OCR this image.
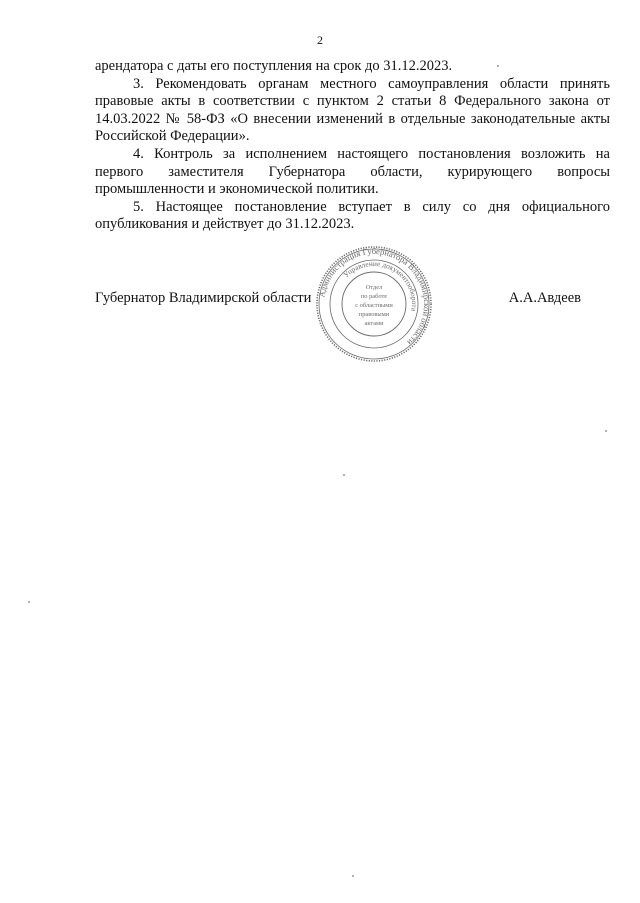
2

арендатора с даты его поступления на срок до 31.12.2023.

3. Рекомендовать органам местного самоуправления области принять правовые акты в соответствии с пунктом 2 статьи 8 Федерального закона от 14.03.2022 № 58-ФЗ «О внесении изменений в отдельные законодательные акты Российской Федерации».

4. Контроль за исполнением настоящего постановления возложить на первого заместителя Губернатора области, курирующего вопросы промышленности и экономической политики.

5. Настоящее постановление вступает в силу со дня официального опубликования и действует до 31.12.2023.

Губернатор Владимирской области	А.А.Авдеев
Администрация Губернатора Владимирской области
Управление документооборота
Отдел
по работе
с областными
правовыми
актами
